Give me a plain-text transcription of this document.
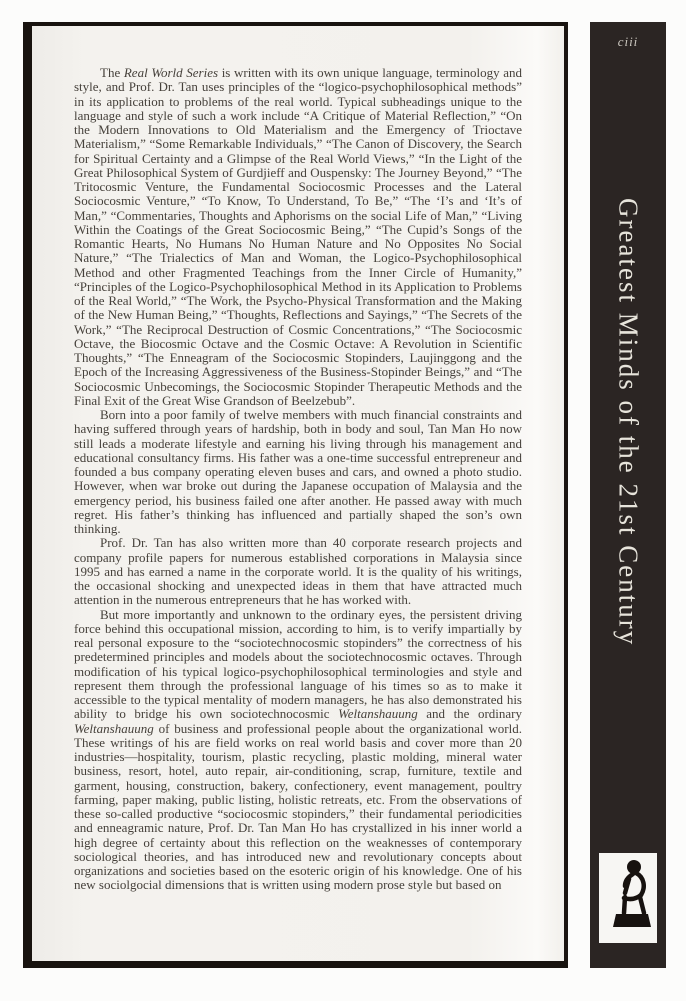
The Real World Series is written with its own unique language, terminology and style, and Prof. Dr. Tan uses principles of the “logico-psychophilosophical methods” in its application to problems of the real world. Typical subheadings unique to the language and style of such a work include “A Critique of Material Reflection,” “On the Modern Innovations to Old Materialism and the Emergency of Trioctave Materialism,” “Some Remarkable Individuals,” “The Canon of Discovery, the Search for Spiritual Certainty and a Glimpse of the Real World Views,” “In the Light of the Great Philosophical System of Gurdjieff and Ouspensky: The Journey Beyond,” “The Tritocosmic Venture, the Fundamental Sociocosmic Processes and the Lateral Sociocosmic Venture,” “To Know, To Understand, To Be,” “The ‘I’s and ‘It’s of Man,” “Commentaries, Thoughts and Aphorisms on the social Life of Man,” “Living Within the Coatings of the Great Sociocosmic Being,” “The Cupid’s Songs of the Romantic Hearts, No Humans No Human Nature and No Opposites No Social Nature,” “The Trialectics of Man and Woman, the Logico-Psychophilosophical Method and other Fragmented Teachings from the Inner Circle of Humanity,” “Principles of the Logico-Psychophilosophical Method in its Application to Problems of the Real World,” “The Work, the Psycho-Physical Transformation and the Making of the New Human Being,” “Thoughts, Reflections and Sayings,” “The Secrets of the Work,” “The Reciprocal Destruction of Cosmic Concentrations,” “The Sociocosmic Octave, the Biocosmic Octave and the Cosmic Octave: A Revolution in Scientific Thoughts,” “The Enneagram of the Sociocosmic Stopinders, Laujinggong and the Epoch of the Increasing Aggressiveness of the Business-Stopinder Beings,” and “The Sociocosmic Unbecomings, the Sociocosmic Stopinder Therapeutic Methods and the Final Exit of the Great Wise Grandson of Beelzebub”.

Born into a poor family of twelve members with much financial constraints and having suffered through years of hardship, both in body and soul, Tan Man Ho now still leads a moderate lifestyle and earning his living through his management and educational consultancy firms. His father was a one-time successful entrepreneur and founded a bus company operating eleven buses and cars, and owned a photo studio. However, when war broke out during the Japanese occupation of Malaysia and the emergency period, his business failed one after another. He passed away with much regret. His father’s thinking has influenced and partially shaped the son’s own thinking.

Prof. Dr. Tan has also written more than 40 corporate research projects and company profile papers for numerous established corporations in Malaysia since 1995 and has earned a name in the corporate world. It is the quality of his writings, the occasional shocking and unexpected ideas in them that have attracted much attention in the numerous entrepreneurs that he has worked with.

But more importantly and unknown to the ordinary eyes, the persistent driving force behind this occupational mission, according to him, is to verify impartially by real personal exposure to the “sociotechnocosmic stopinders” the correctness of his predetermined principles and models about the sociotechnocosmic octaves. Through modification of his typical logico-psychophilosophical terminologies and style and represent them through the professional language of his times so as to make it accessible to the typical mentality of modern managers, he has also demonstrated his ability to bridge his own sociotechnocosmic Weltanshauung and the ordinary Weltanshauung of business and professional people about the organizational world. These writings of his are field works on real world basis and cover more than 20 industries—hospitality, tourism, plastic recycling, plastic molding, mineral water business, resort, hotel, auto repair, air-conditioning, scrap, furniture, textile and garment, housing, construction, bakery, confectionery, event management, poultry farming, paper making, public listing, holistic retreats, etc. From the observations of these so-called productive “sociocosmic stopinders,” their fundamental periodicities and enneagramic nature, Prof. Dr. Tan Man Ho has crystallized in his inner world a high degree of certainty about this reflection on the weaknesses of contemporary sociological theories, and has introduced new and revolutionary concepts about organizations and societies based on the esoteric origin of his knowledge. One of his new sociolgocial dimensions that is written using modern prose style but based on

ciii
Greatest Minds of the 21st Century
